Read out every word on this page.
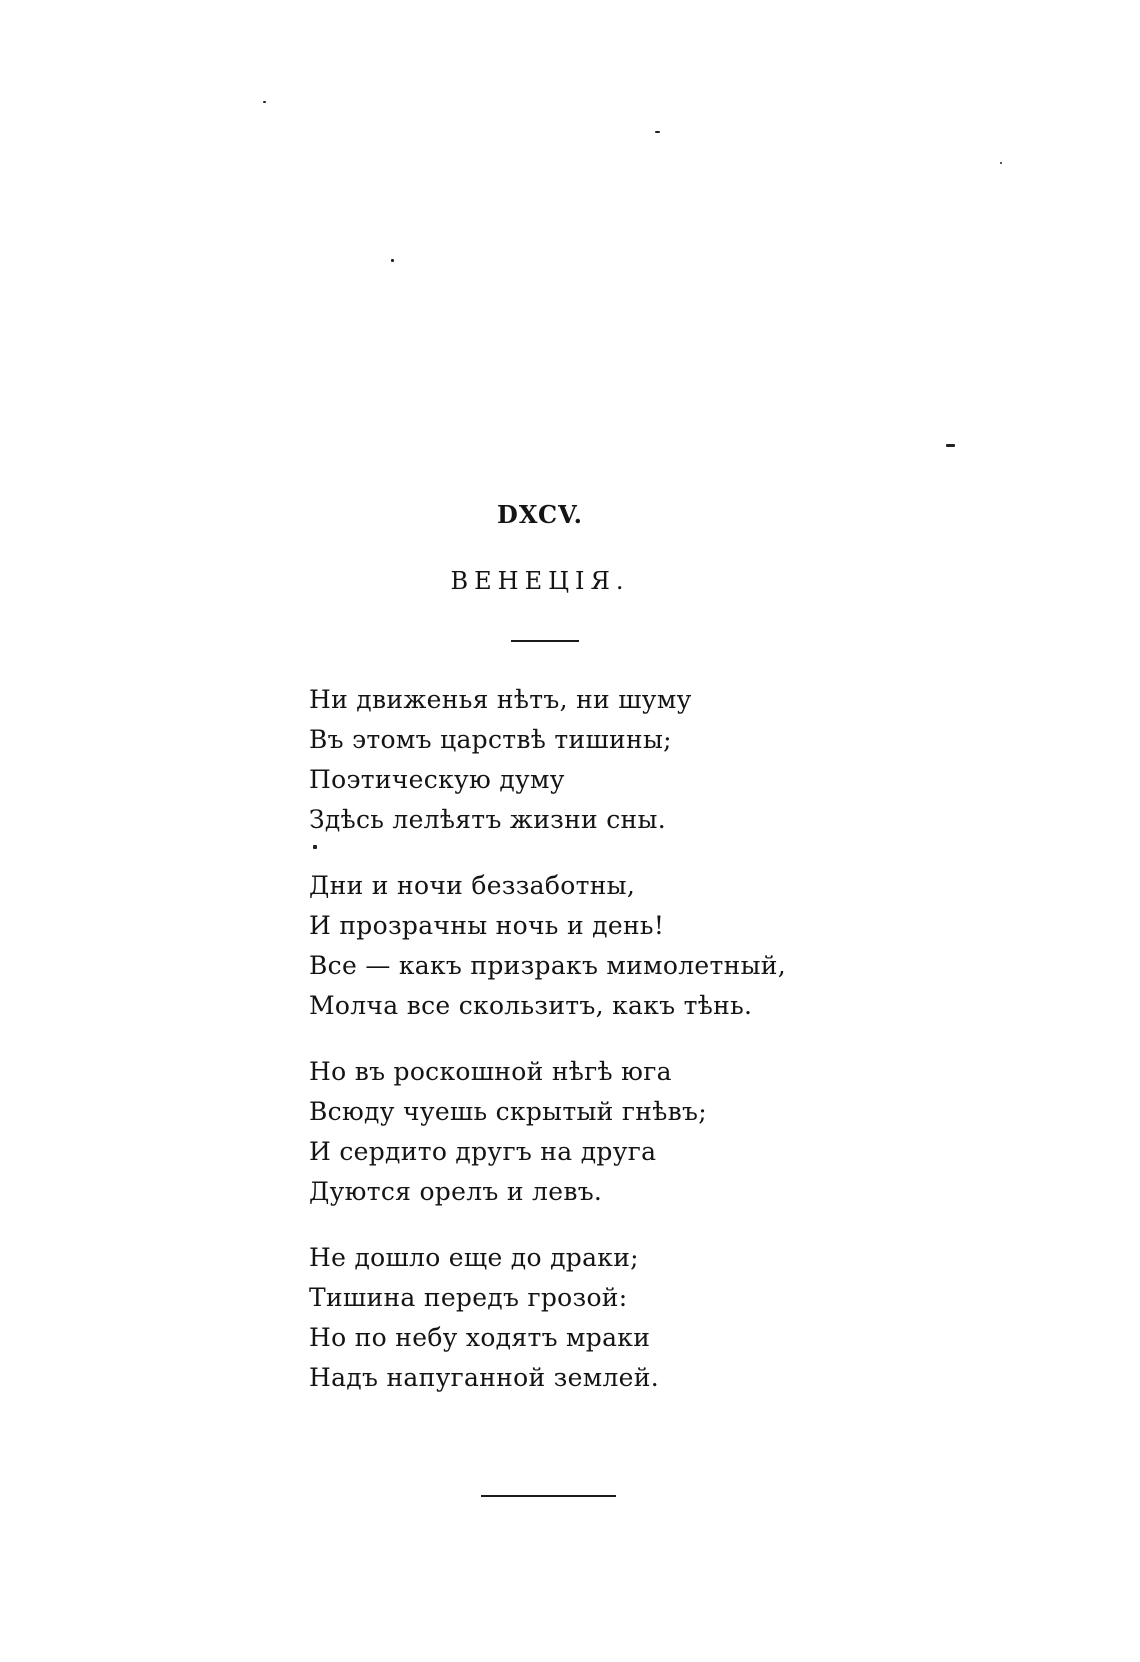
DXCV.
ВЕНЕЦІЯ.
Ни движенья нѣтъ, ни шуму
Въ этомъ царствѣ тишины;
Поэтическую думу
Здѣсь лелѣятъ жизни сны.
Дни и ночи беззаботны,
И прозрачны ночь и день!
Все — какъ призракъ мимолетный,
Молча все скользитъ, какъ тѣнь.
Но въ роскошной нѣгѣ юга
Всюду чуешь скрытый гнѣвъ;
И сердито другъ на друга
Дуются орелъ и левъ.
Не дошло еще до драки;
Тишина передъ грозой:
Но по небу ходятъ мраки
Надъ напуганной землей.
